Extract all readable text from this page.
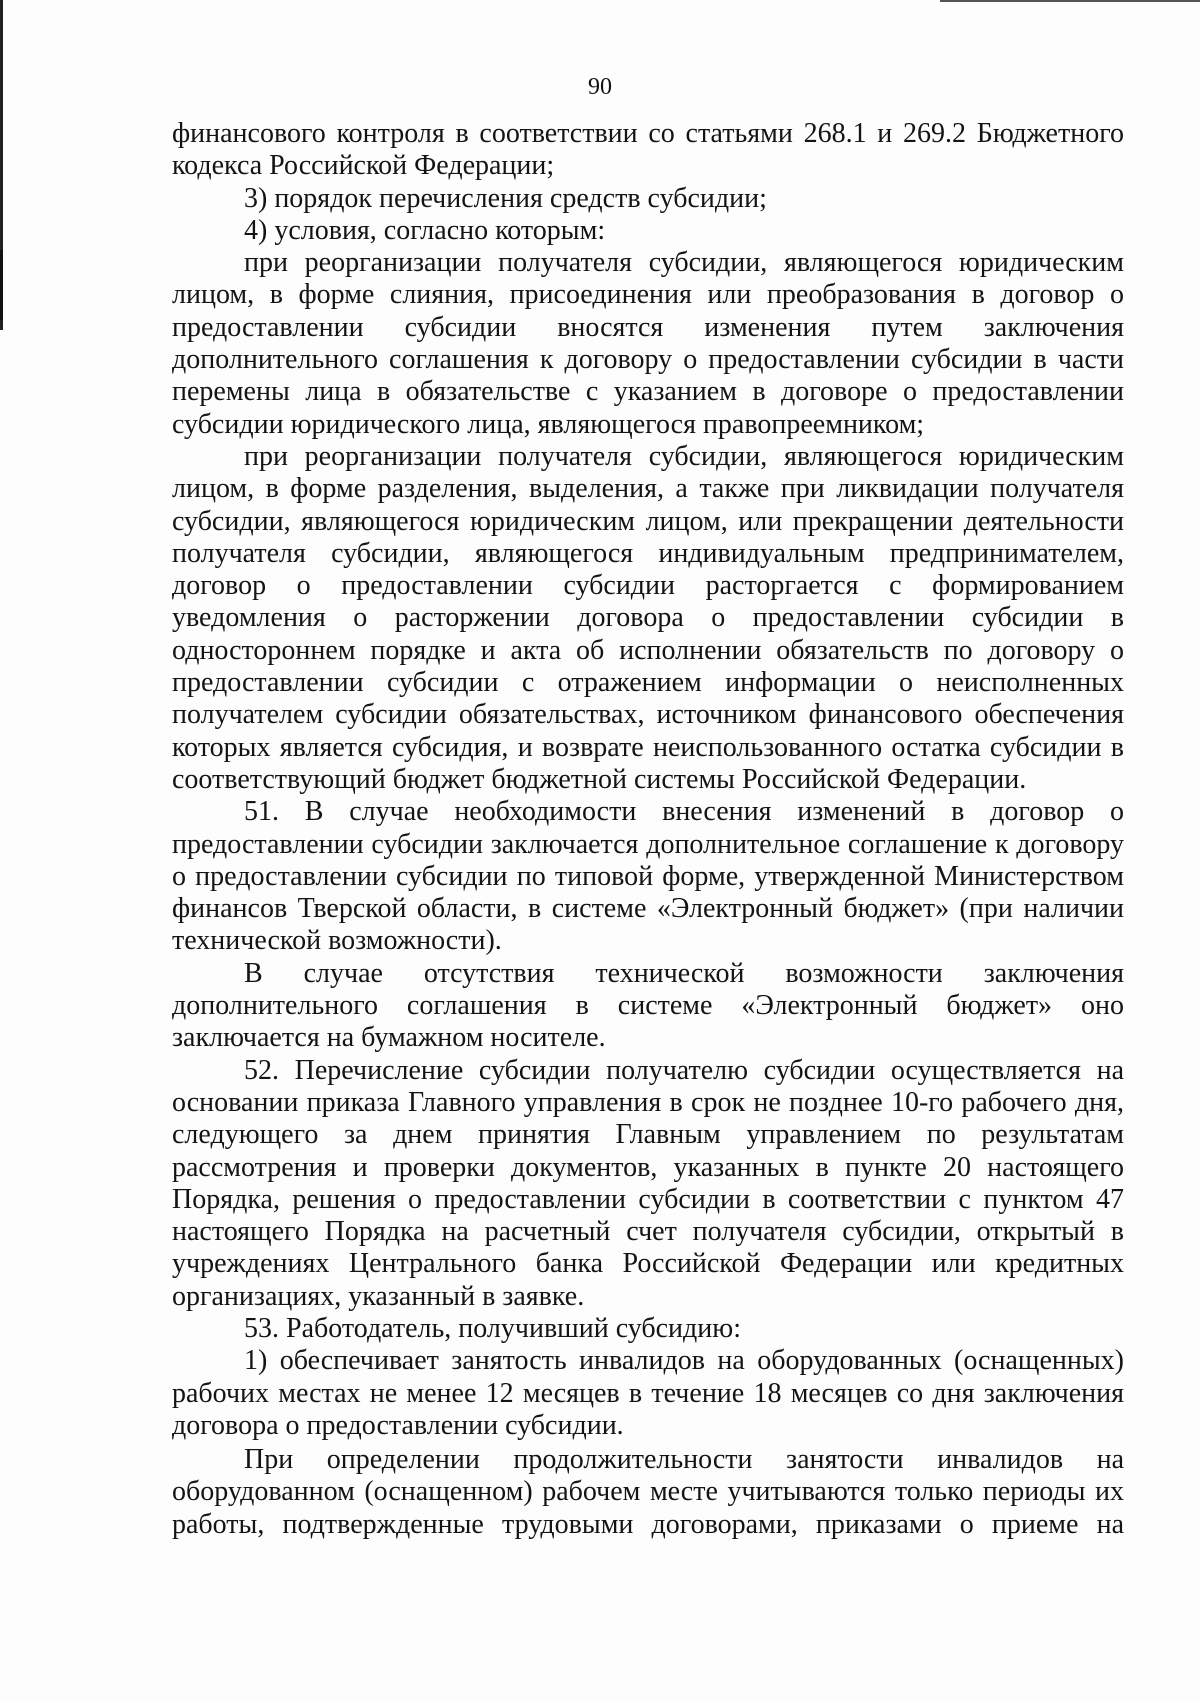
90

финансового контроля в соответствии со статьями 268.1 и 269.2 Бюджетного кодекса Российской Федерации;

3) порядок перечисления средств субсидии;

4) условия, согласно которым:

при реорганизации получателя субсидии, являющегося юридическим лицом, в форме слияния, присоединения или преобразования в договор о предоставлении субсидии вносятся изменения путем заключения дополнительного соглашения к договору о предоставлении субсидии в части перемены лица в обязательстве с указанием в договоре о предоставлении субсидии юридического лица, являющегося правопреемником;

при реорганизации получателя субсидии, являющегося юридическим лицом, в форме разделения, выделения, а также при ликвидации получателя субсидии, являющегося юридическим лицом, или прекращении деятельности получателя субсидии, являющегося индивидуальным предпринимателем, договор о предоставлении субсидии расторгается с формированием уведомления о расторжении договора о предоставлении субсидии в одностороннем порядке и акта об исполнении обязательств по договору о предоставлении субсидии с отражением информации о неисполненных получателем субсидии обязательствах, источником финансового обеспечения которых является субсидия, и возврате неиспользованного остатка субсидии в соответствующий бюджет бюджетной системы Российской Федерации.

51. В случае необходимости внесения изменений в договор о предоставлении субсидии заключается дополнительное соглашение к договору о предоставлении субсидии по типовой форме, утвержденной Министерством финансов Тверской области, в системе «Электронный бюджет» (при наличии технической возможности).

В случае отсутствия технической возможности заключения дополнительного соглашения в системе «Электронный бюджет» оно заключается на бумажном носителе.

52. Перечисление субсидии получателю субсидии осуществляется на основании приказа Главного управления в срок не позднее 10-го рабочего дня, следующего за днем принятия Главным управлением по результатам рассмотрения и проверки документов, указанных в пункте 20 настоящего Порядка, решения о предоставлении субсидии в соответствии с пунктом 47 настоящего Порядка на расчетный счет получателя субсидии, открытый в учреждениях Центрального банка Российской Федерации или кредитных организациях, указанный в заявке.

53. Работодатель, получивший субсидию:

1) обеспечивает занятость инвалидов на оборудованных (оснащенных) рабочих местах не менее 12 месяцев в течение 18 месяцев со дня заключения договора о предоставлении субсидии.

При определении продолжительности занятости инвалидов на оборудованном (оснащенном) рабочем месте учитываются только периоды их работы, подтвержденные трудовыми договорами, приказами о приеме на
